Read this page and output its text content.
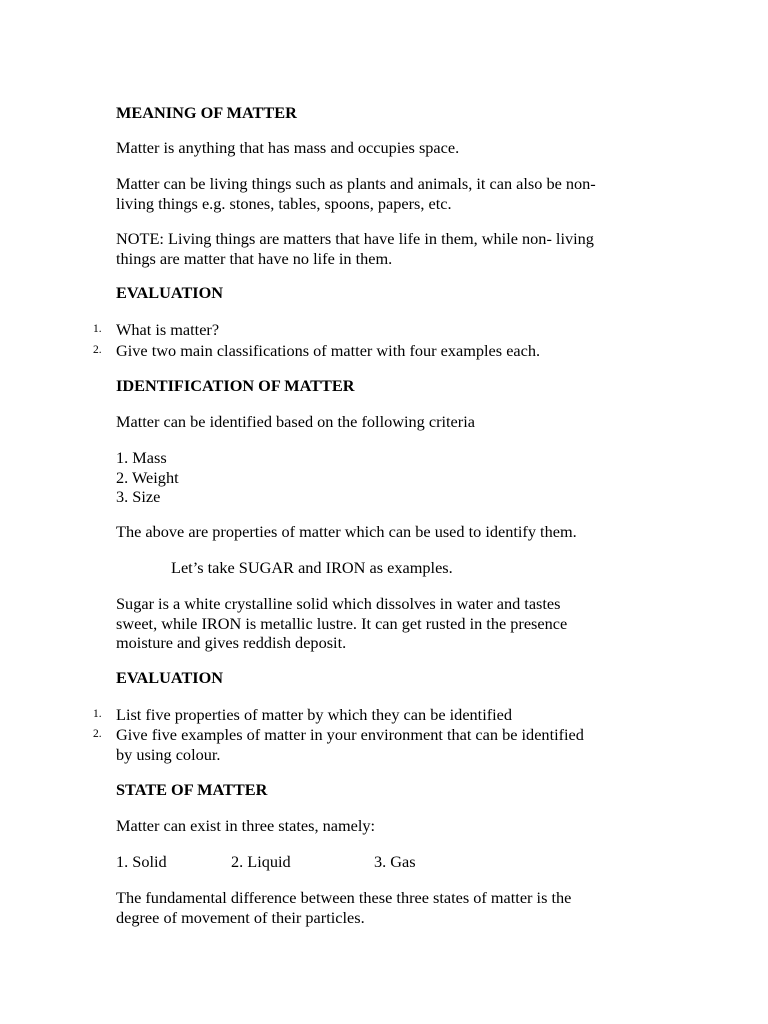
MEANING OF MATTER

Matter is anything that has mass and occupies space.

Matter can be living things such as plants and animals, it can also be non-
living things e.g. stones, tables, spoons, papers, etc.

NOTE: Living things are matters that have life in them, while non- living
things are matter that have no life in them.

EVALUATION

1. What is matter?
2. Give two main classifications of matter with four examples each.

IDENTIFICATION OF MATTER

Matter can be identified based on the following criteria

1. Mass
2. Weight
3. Size

The above are properties of matter which can be used to identify them.

Let’s take SUGAR and IRON as examples.

Sugar is a white crystalline solid which dissolves in water and tastes
sweet, while IRON is metallic lustre. It can get rusted in the presence
moisture and gives reddish deposit.

EVALUATION

1. List five properties of matter by which they can be identified
2. Give five examples of matter in your environment that can be identified
by using colour.

STATE OF MATTER

Matter can exist in three states, namely:

1. Solid	2. Liquid	3. Gas

The fundamental difference between these three states of matter is the
degree of movement of their particles.
